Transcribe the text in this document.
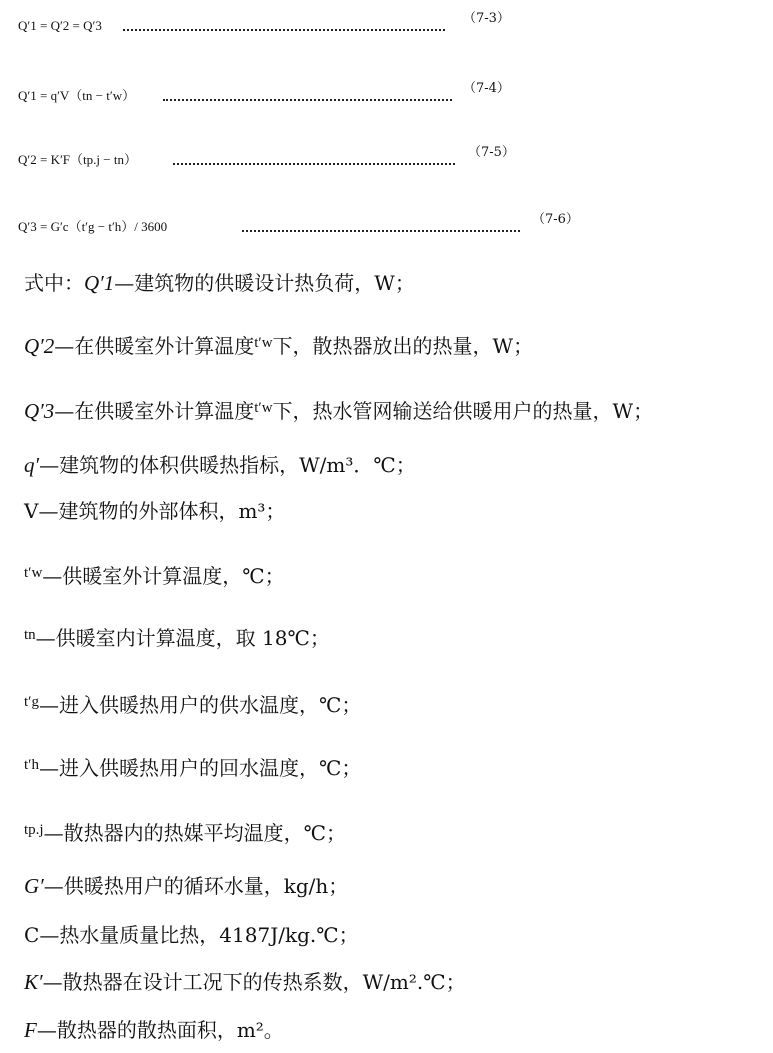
Q′1 = Q′2 = Q′3	（7-3）
Q′1 = q′V（tn − t′w）	（7-4）
Q′2 = K′F（tp.j − tn）	（7-5）
Q′3 = G′c（t′g − t′h）/ 3600	（7-6）
式中：Q′1—建筑物的供暖设计热负荷，W；
Q′2—在供暖室外计算温度$^{t'w}$下，散热器放出的热量，W；
Q′3—在供暖室外计算温度$^{t'w}$下，热水管网输送给供暖用户的热量，W；
q′—建筑物的体积供暖热指标，W/m³．℃；
V—建筑物的外部体积，m³；
$^{t'w}$—供暖室外计算温度，℃；
$^{tn}$—供暖室内计算温度，取 18℃；
$^{t'g}$—进入供暖热用户的供水温度，℃；
$^{t'h}$—进入供暖热用户的回水温度，℃；
$^{tp.j}$—散热器内的热媒平均温度，℃；
G′—供暖热用户的循环水量，kg/h；
C—热水量质量比热，4187J/kg.℃；
K′—散热器在设计工况下的传热系数，W/m².℃；
F—散热器的散热面积，m²。
